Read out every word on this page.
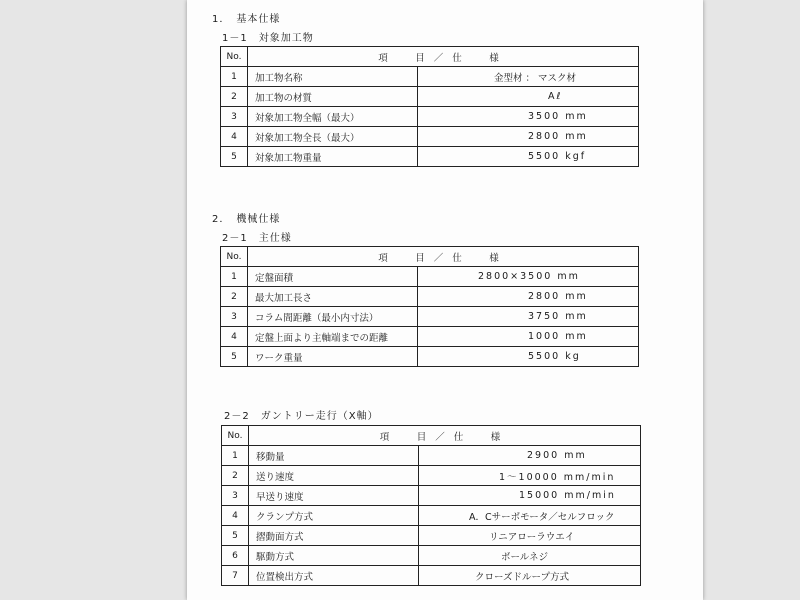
1．　基本仕様
1－1　対象加工物
No.	項　目／仕　様	
1	加工物名称	金型材 ： マスク材

2	加工物の材質	Aℓ

3	対象加工物全幅（最大）	3500 mm

4	対象加工物全長（最大）	2800 mm

5	対象加工物重量	5500 kgf
2．　機械仕様
2－1　主仕様
No.	項　目／仕　様	
1	定盤面積	2800×3500 mm

2	最大加工長さ	2800 mm

3	コラム間距離（最小内寸法）	3750 mm

4	定盤上面より主軸端までの距離	1000 mm

5	ワーク重量	5500 kg
2－2　ガントリー走行（X軸）
No.	項　目／仕　様	
1	移動量	2900 mm

2	送り速度	1～10000 mm/min

3	早送り速度	15000 mm/min

4	クランプ方式	A．Cサーボモータ／セルフロック

5	摺動面方式	リニアローラウエイ

6	駆動方式	ボールネジ

7	位置検出方式	クローズドループ方式
